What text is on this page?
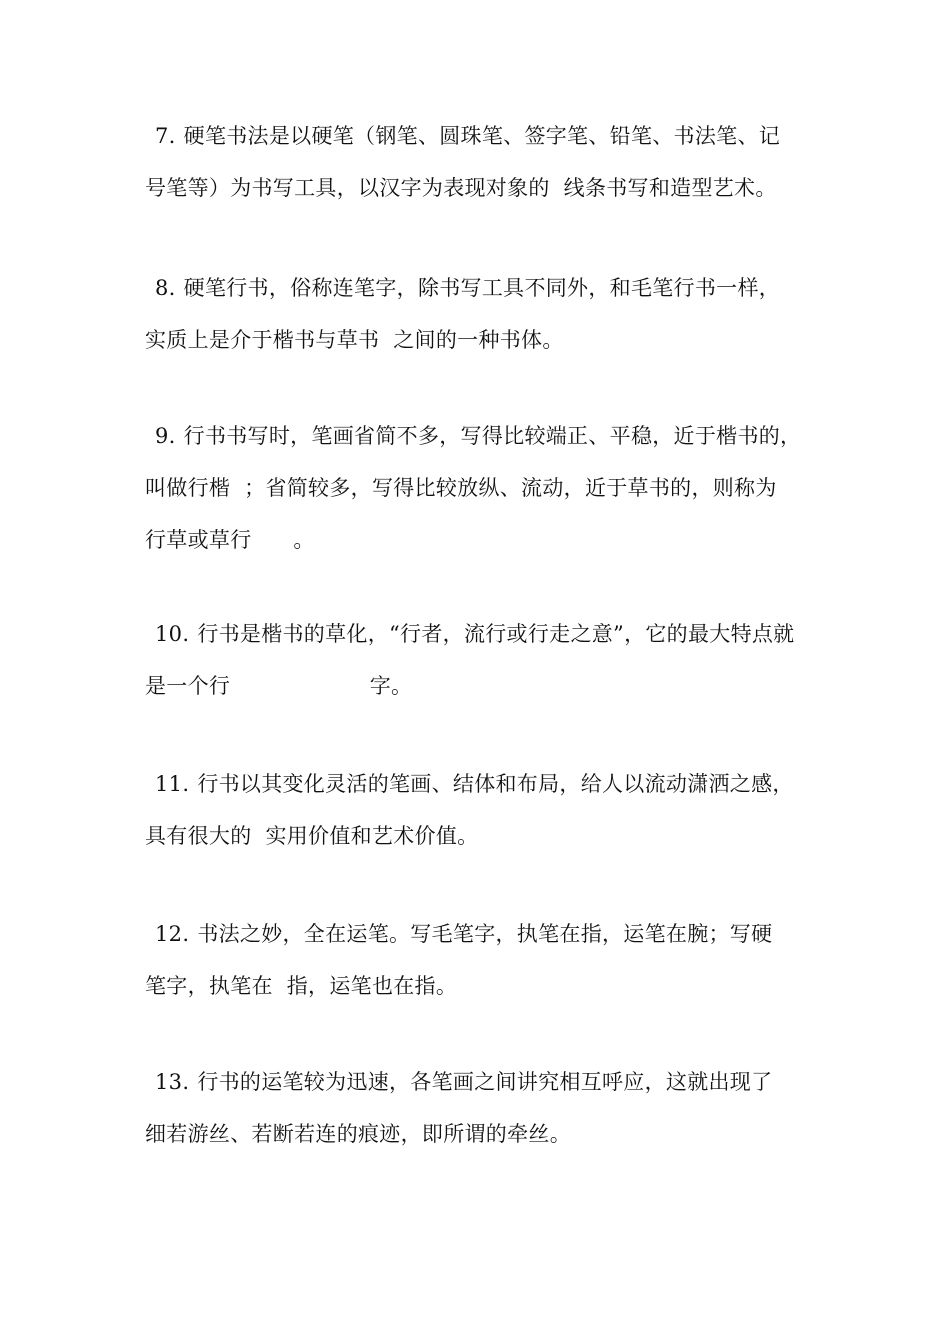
7. 硬笔书法是以硬笔（钢笔、圆珠笔、签字笔、铅笔、书法笔、记
号笔等）为书写工具，以汉字为表现对象的  线条书写和造型艺术。
8. 硬笔行书，俗称连笔字，除书写工具不同外，和毛笔行书一样，
实质上是介于楷书与草书  之间的一种书体。
9. 行书书写时，笔画省简不多，写得比较端正、平稳，近于楷书的，
叫做行楷  ；省简较多，写得比较放纵、流动，近于草书的，则称为
行草或草行      。
10. 行书是楷书的草化，“行者，流行或行走之意”，它的最大特点就
是一个行                    字。
11. 行书以其变化灵活的笔画、结体和布局，给人以流动潇洒之感，
具有很大的  实用价值和艺术价值。
12. 书法之妙，全在运笔。写毛笔字，执笔在指，运笔在腕；写硬
笔字，执笔在  指，运笔也在指。
13. 行书的运笔较为迅速，各笔画之间讲究相互呼应，这就出现了
细若游丝、若断若连的痕迹，即所谓的牵丝。
